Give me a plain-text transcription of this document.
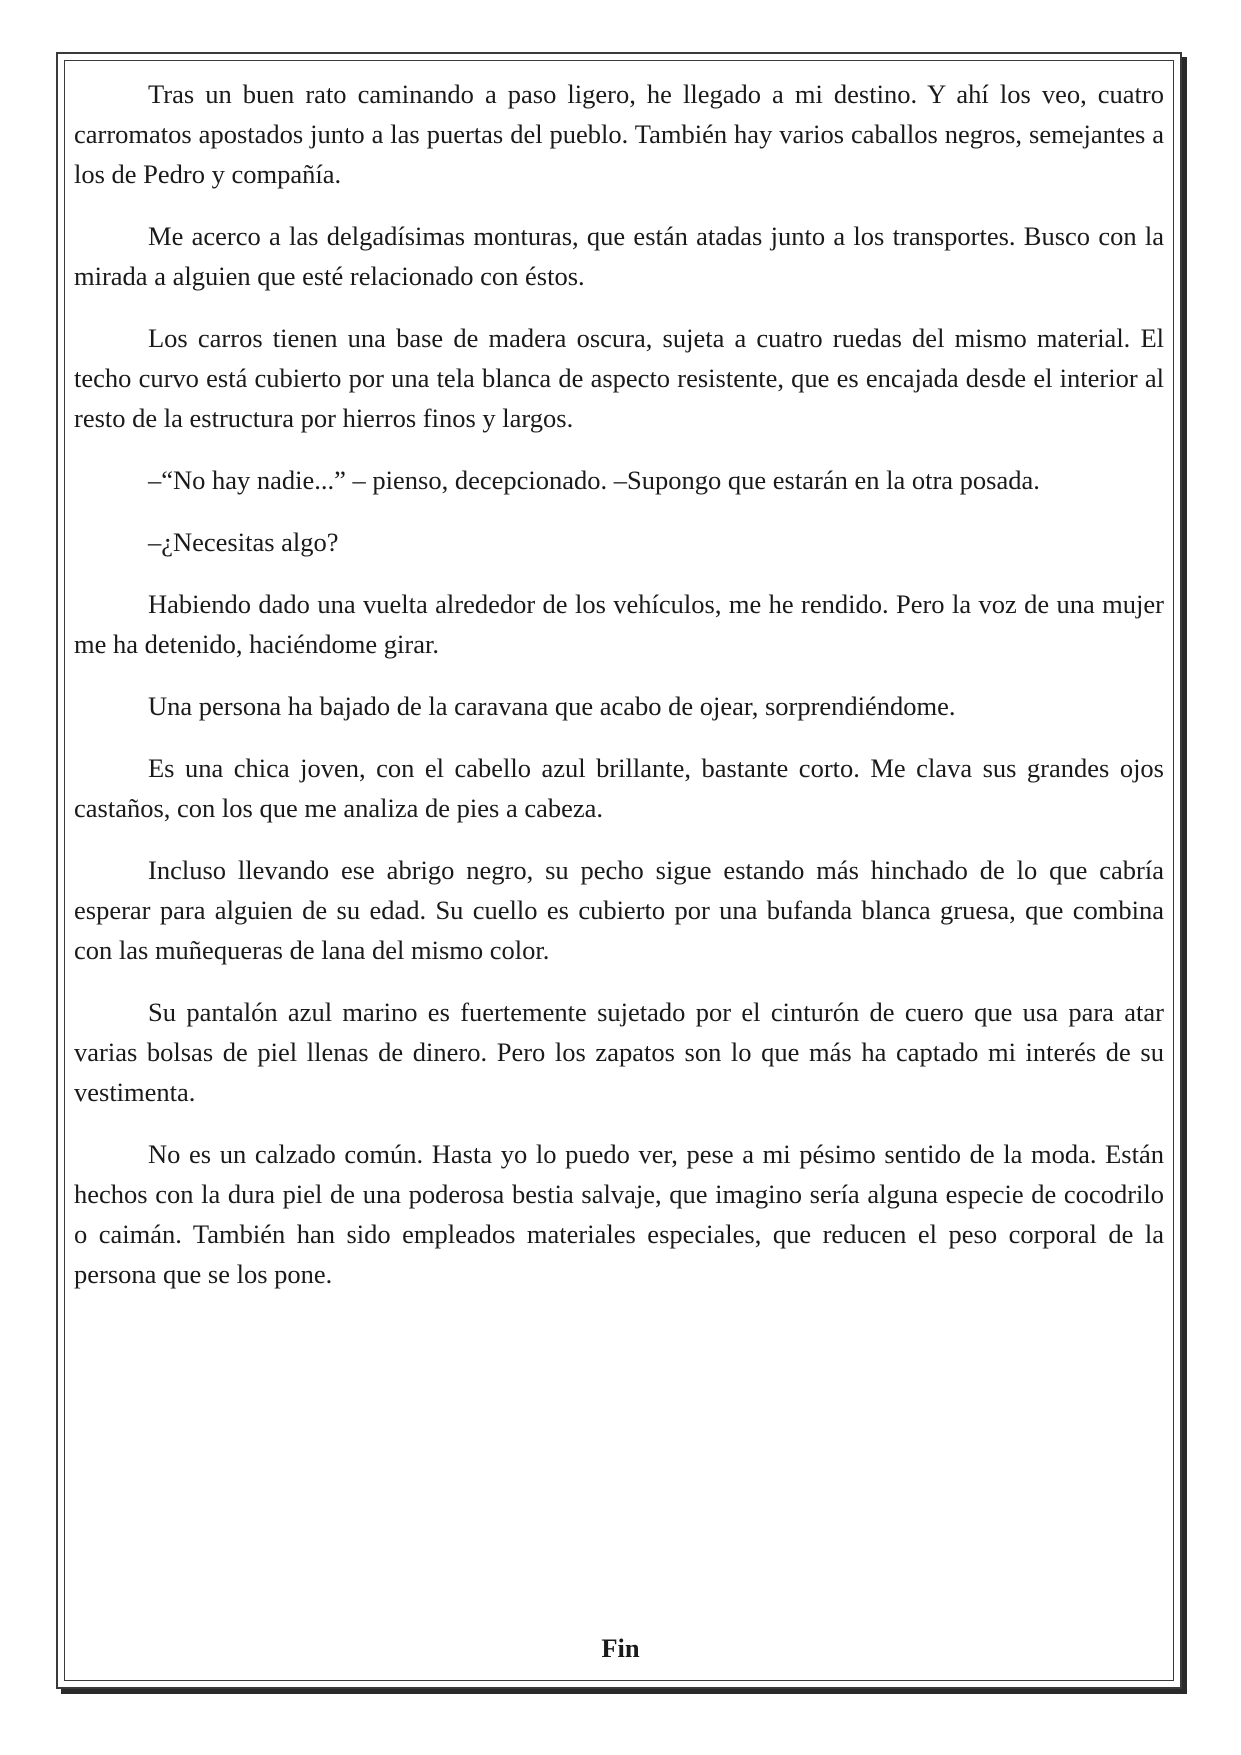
Tras un buen rato caminando a paso ligero, he llegado a mi destino. Y ahí los veo, cuatro carromatos apostados junto a las puertas del pueblo. También hay varios caballos negros, semejantes a los de Pedro y compañía.

Me acerco a las delgadísimas monturas, que están atadas junto a los transportes. Busco con la mirada a alguien que esté relacionado con éstos.

Los carros tienen una base de madera oscura, sujeta a cuatro ruedas del mismo material. El techo curvo está cubierto por una tela blanca de aspecto resistente, que es encajada desde el interior al resto de la estructura por hierros finos y largos.

–“No hay nadie...” – pienso, decepcionado. –Supongo que estarán en la otra posada.

–¿Necesitas algo?

Habiendo dado una vuelta alrededor de los vehículos, me he rendido. Pero la voz de una mujer me ha detenido, haciéndome girar.

Una persona ha bajado de la caravana que acabo de ojear, sorprendiéndome.

Es una chica joven, con el cabello azul brillante, bastante corto. Me clava sus grandes ojos castaños, con los que me analiza de pies a cabeza.

Incluso llevando ese abrigo negro, su pecho sigue estando más hinchado de lo que cabría esperar para alguien de su edad. Su cuello es cubierto por una bufanda blanca gruesa, que combina con las muñequeras de lana del mismo color.

Su pantalón azul marino es fuertemente sujetado por el cinturón de cuero que usa para atar varias bolsas de piel llenas de dinero. Pero los zapatos son lo que más ha captado mi interés de su vestimenta.

No es un calzado común. Hasta yo lo puedo ver, pese a mi pésimo sentido de la moda. Están hechos con la dura piel de una poderosa bestia salvaje, que imagino sería alguna especie de cocodrilo o caimán. También han sido empleados materiales especiales, que reducen el peso corporal de la persona que se los pone.

Fin
